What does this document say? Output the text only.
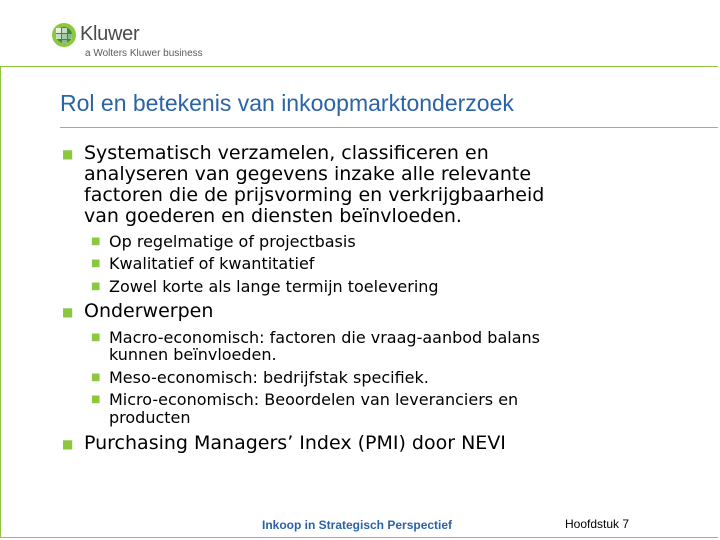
Kluwer
a Wolters Kluwer business
Rol en betekenis van inkoopmarktonderzoek
■ Systematisch verzamelen, classificeren en
analyseren van gegevens inzake alle relevante
factoren die de prijsvorming en verkrijgbaarheid
van goederen en diensten beïnvloeden.
■ Op regelmatige of projectbasis
■ Kwalitatief of kwantitatief
■ Zowel korte als lange termijn toelevering
■ Onderwerpen
■ Macro-economisch: factoren die vraag-aanbod balans
kunnen beïnvloeden.
■ Meso-economisch: bedrijfstak specifiek.
■ Micro-economisch: Beoordelen van leveranciers en
producten
■ Purchasing Managers’ Index (PMI) door NEVI
Inkoop in Strategisch Perspectief	Hoofdstuk 7
